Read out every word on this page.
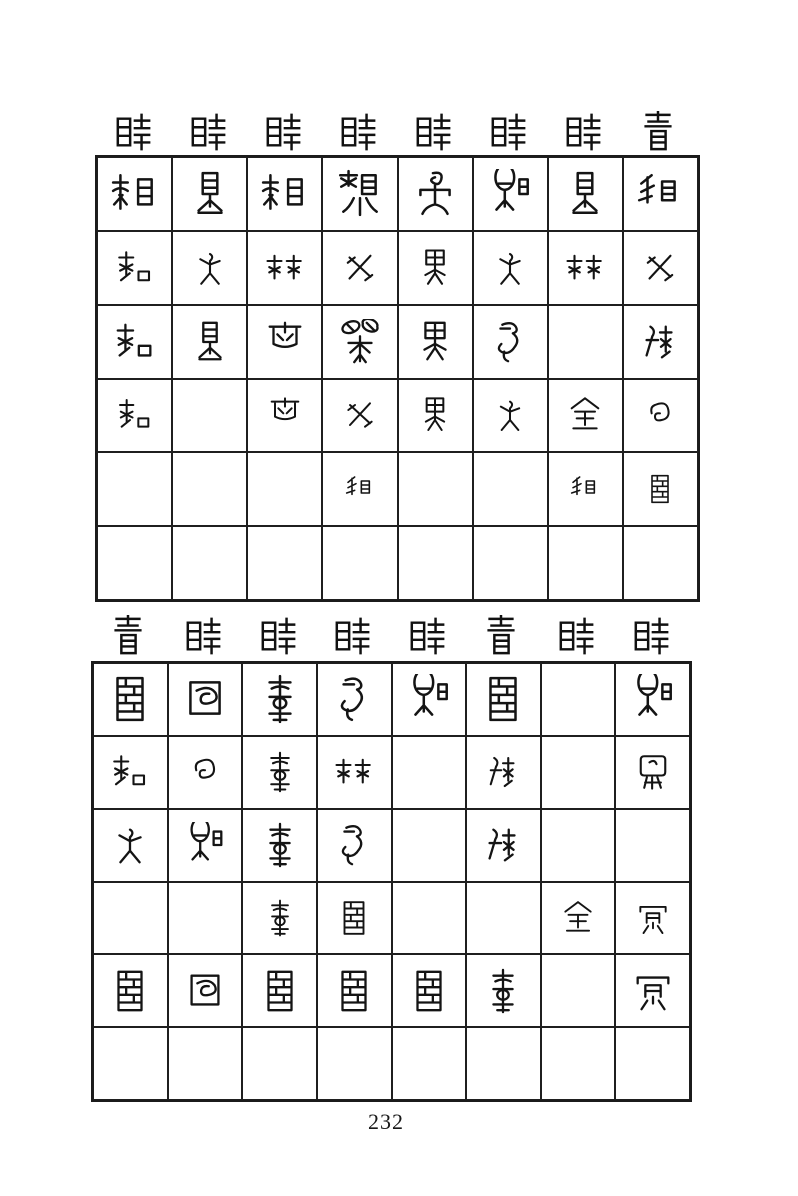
232
